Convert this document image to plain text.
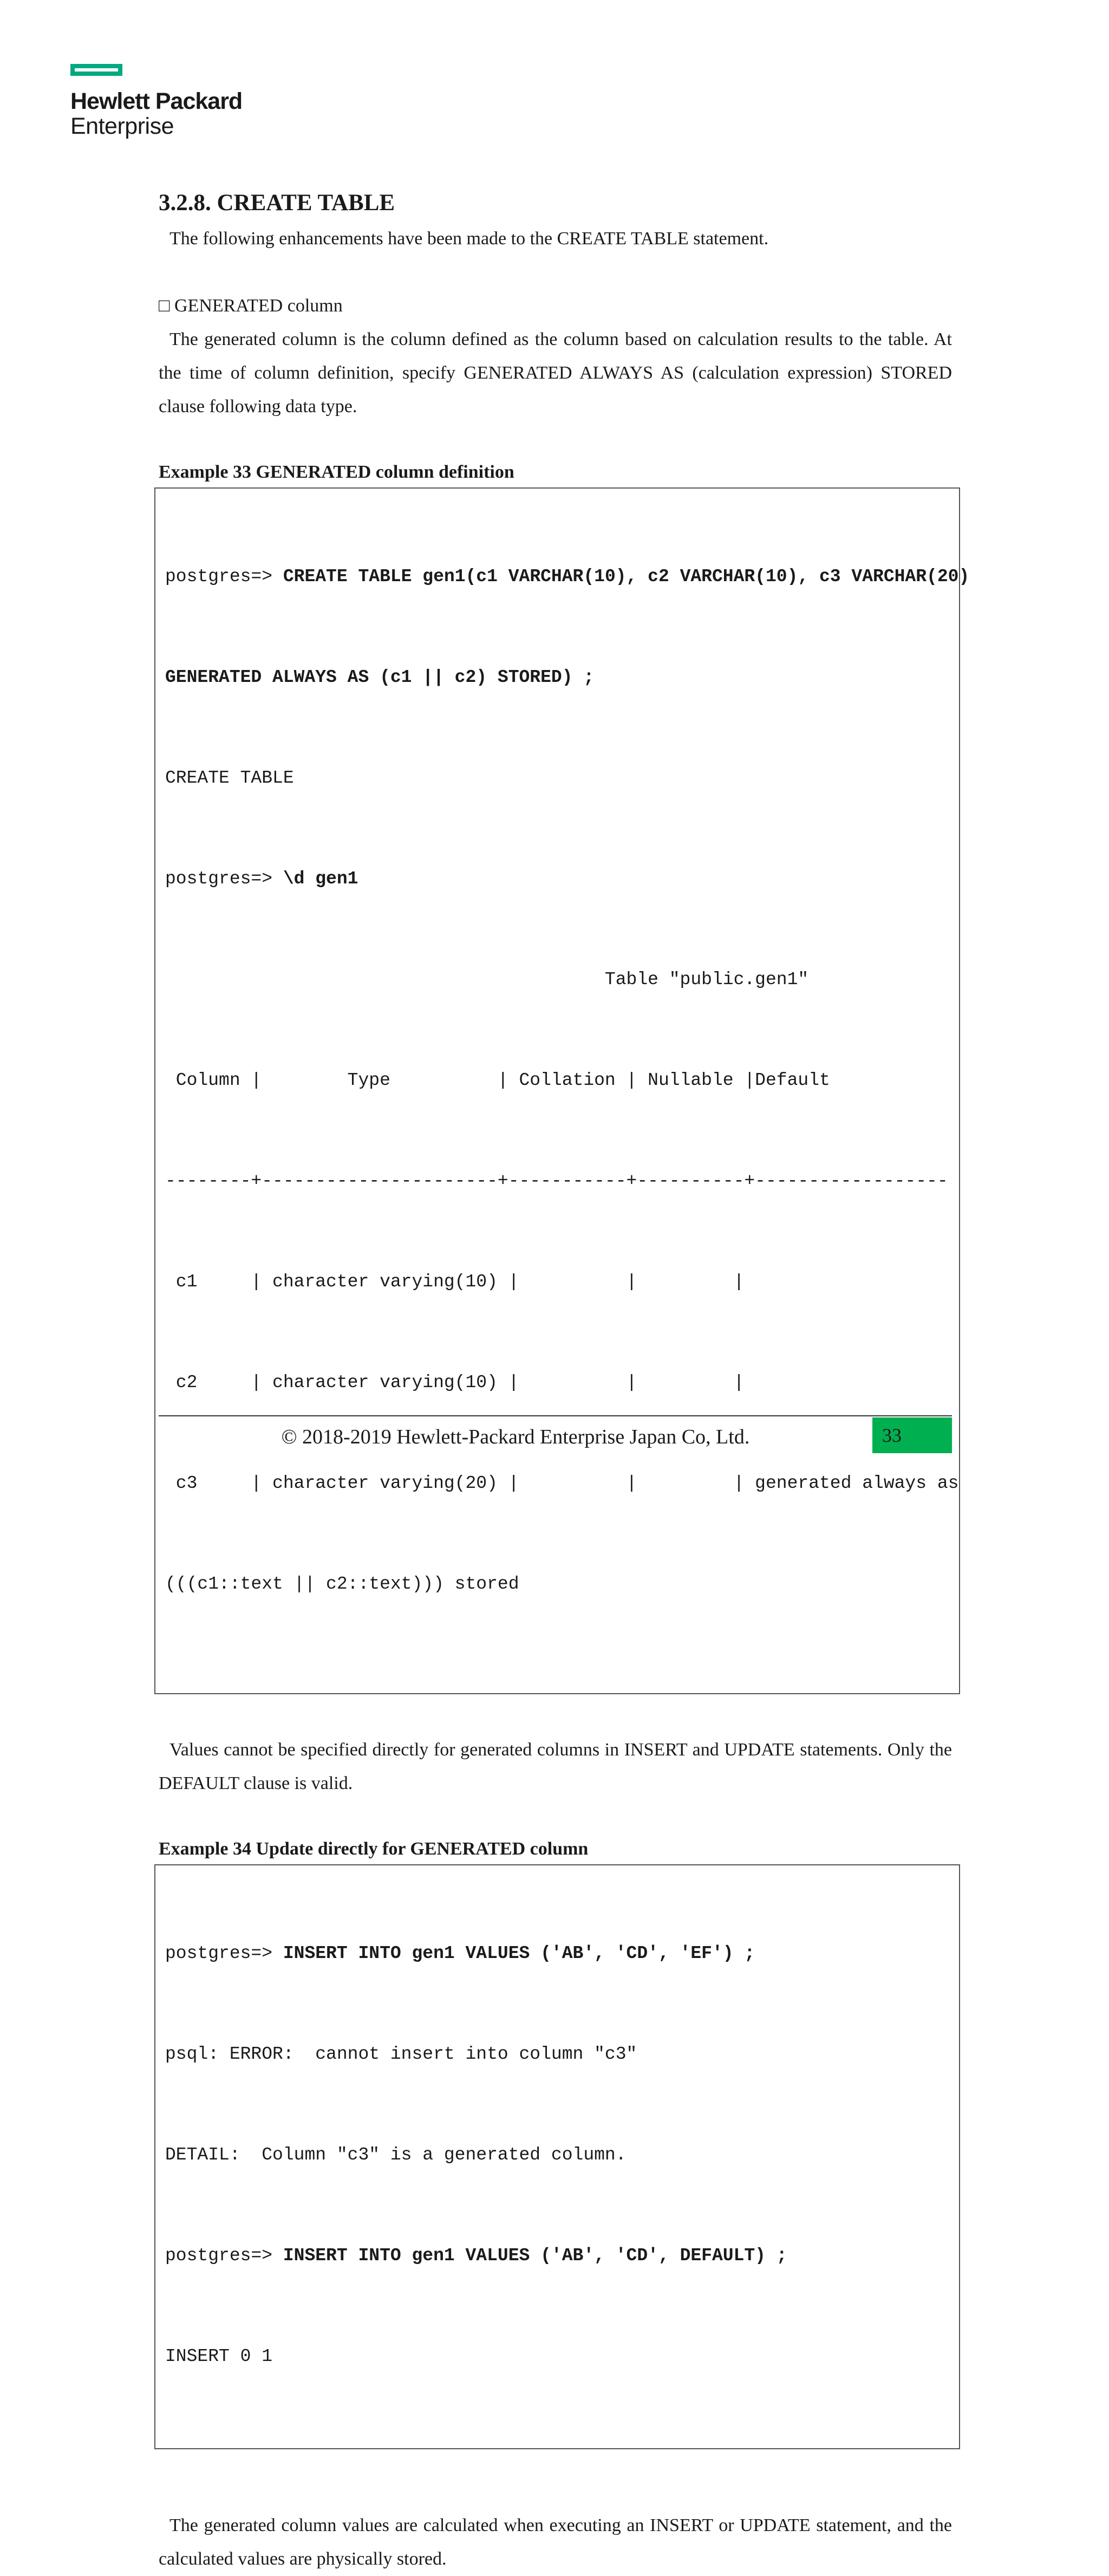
Hewlett Packard
Enterprise
3.2.8. CREATE TABLE

The following enhancements have been made to the CREATE TABLE statement.

□ GENERATED column

The generated column is the column defined as the column based on calculation results to the table. At the time of column definition, specify GENERATED ALWAYS AS (calculation expression) STORED clause following data type.

Example 33 GENERATED column definition

postgres=> CREATE TABLE gen1(c1 VARCHAR(10), c2 VARCHAR(10), c3 VARCHAR(20)

GENERATED ALWAYS AS (c1 || c2) STORED) ;

CREATE TABLE

postgres=> \d gen1

Table "public.gen1"

Column |        Type          | Collation | Nullable |Default

--------+----------------------+-----------+----------+------------------

c1     | character varying(10) |          |         |

c2     | character varying(10) |          |         |

c3     | character varying(20) |          |         | generated always as

(((c1::text || c2::text))) stored

Values cannot be specified directly for generated columns in INSERT and UPDATE statements. Only the DEFAULT clause is valid.

Example 34 Update directly for GENERATED column

postgres=> INSERT INTO gen1 VALUES ('AB', 'CD', 'EF') ;

psql: ERROR:  cannot insert into column "c3"

DETAIL:  Column "c3" is a generated column.

postgres=> INSERT INTO gen1 VALUES ('AB', 'CD', DEFAULT) ;

INSERT 0 1

The generated column values are calculated when executing an INSERT or UPDATE statement, and the calculated values are physically stored.

© 2018-2019 Hewlett-Packard Enterprise Japan Co, Ltd.	33
